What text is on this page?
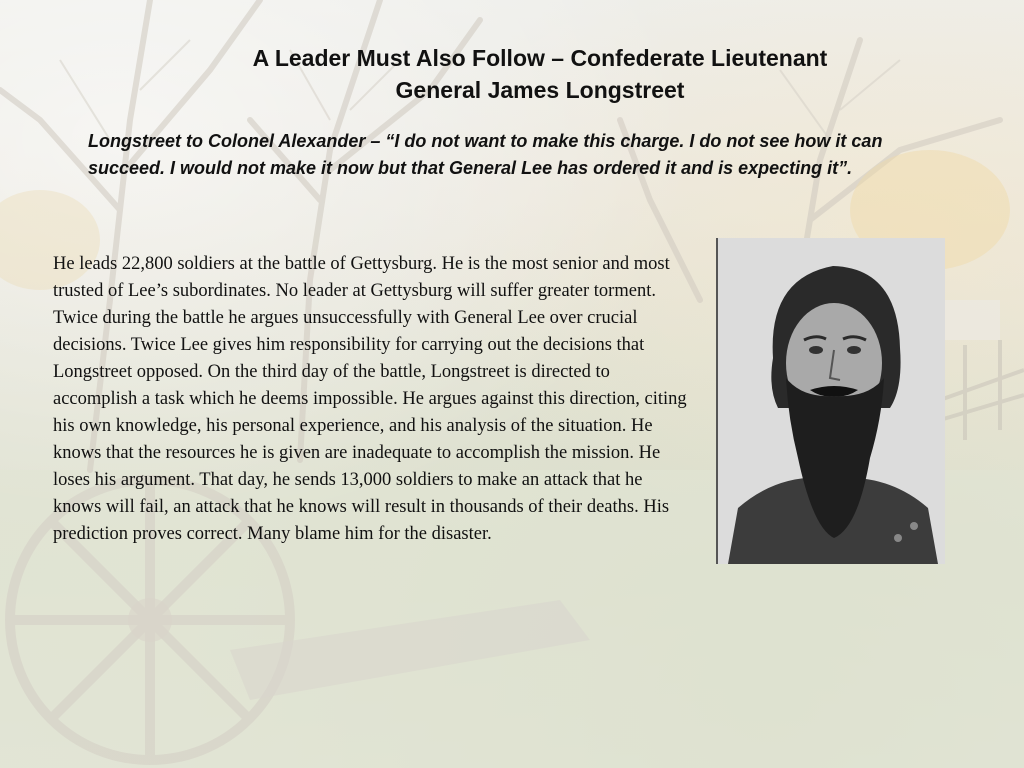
A Leader Must Also Follow – Confederate Lieutenant
General James Longstreet

Longstreet to Colonel Alexander – “I do not want to make this charge. I do not see how it can succeed. I would not make it now but that General Lee has ordered it and is expecting it”.

He leads 22,800 soldiers at the battle of Gettysburg. He is the most senior and most trusted of Lee’s subordinates. No leader at Gettysburg will suffer greater torment. Twice during the battle he argues unsuccessfully with General Lee over crucial decisions. Twice Lee gives him responsibility for carrying out the decisions that Longstreet opposed. On the third day of the battle, Longstreet is directed to accomplish a task which he deems impossible. He argues against this direction, citing his own knowledge, his personal experience, and his analysis of the situation. He knows that the resources he is given are inadequate to accomplish the mission. He loses his argument. That day, he sends 13,000 soldiers to make an attack that he knows will fail, an attack that he knows will result in thousands of their deaths. His prediction proves correct. Many blame him for the disaster.
